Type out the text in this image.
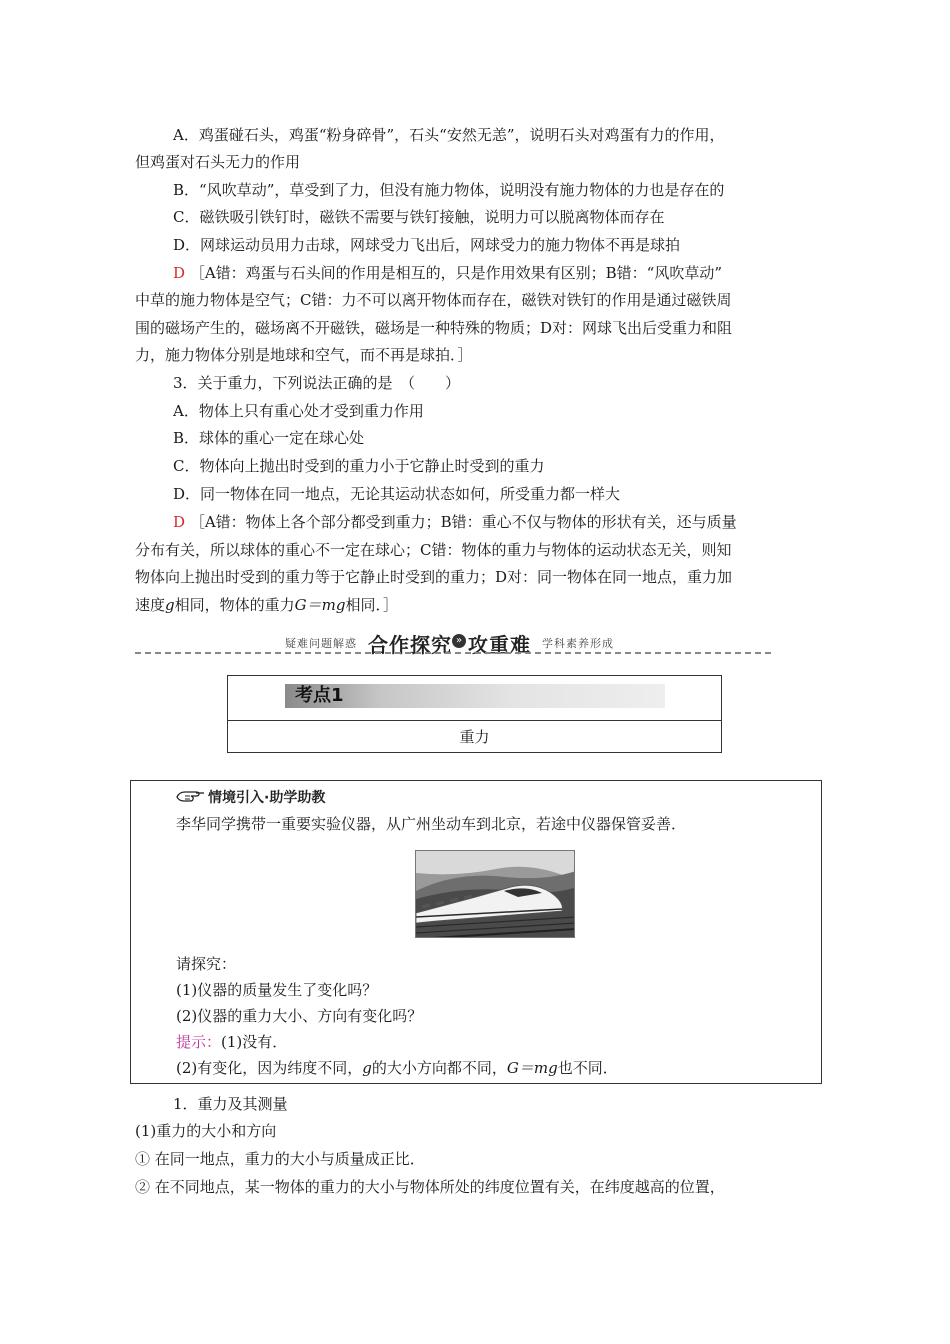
A．鸡蛋碰石头，鸡蛋“粉身碎骨”，石头“安然无恙”，说明石头对鸡蛋有力的作用，
但鸡蛋对石头无力的作用
B．“风吹草动”，草受到了力，但没有施力物体，说明没有施力物体的力也是存在的
C．磁铁吸引铁钉时，磁铁不需要与铁钉接触，说明力可以脱离物体而存在
D．网球运动员用力击球，网球受力飞出后，网球受力的施力物体不再是球拍
D ［A错：鸡蛋与石头间的作用是相互的，只是作用效果有区别；B错：“风吹草动”
中草的施力物体是空气；C错：力不可以离开物体而存在，磁铁对铁钉的作用是通过磁铁周
围的磁场产生的，磁场离不开磁铁，磁场是一种特殊的物质；D对：网球飞出后受重力和阻
力，施力物体分别是地球和空气，而不再是球拍．］
3．关于重力，下列说法正确的是　（　　）
A．物体上只有重心处才受到重力作用
B．球体的重心一定在球心处
C．物体向上抛出时受到的重力小于它静止时受到的重力
D．同一物体在同一地点，无论其运动状态如何，所受重力都一样大
D ［A错：物体上各个部分都受到重力；B错：重心不仅与物体的形状有关，还与质量
分布有关，所以球体的重心不一定在球心；C错：物体的重力与物体的运动状态无关，则知
物体向上抛出时受到的重力等于它静止时受到的重力；D对：同一物体在同一地点，重力加
速度g相同，物体的重力G＝mg相同．］
疑难问题解惑 合作探究 » 攻重难 学科素养形成
考点1
重力
情境引入·助学助教
李华同学携带一重要实验仪器，从广州坐动车到北京，若途中仪器保管妥善．
请探究：
(1)仪器的质量发生了变化吗？
(2)仪器的重力大小、方向有变化吗？
提示：(1)没有．
(2)有变化，因为纬度不同，g的大小方向都不同，G＝mg也不同．
1．重力及其测量
(1)重力的大小和方向
① 在同一地点，重力的大小与质量成正比．
② 在不同地点，某一物体的重力的大小与物体所处的纬度位置有关，在纬度越高的位置，
